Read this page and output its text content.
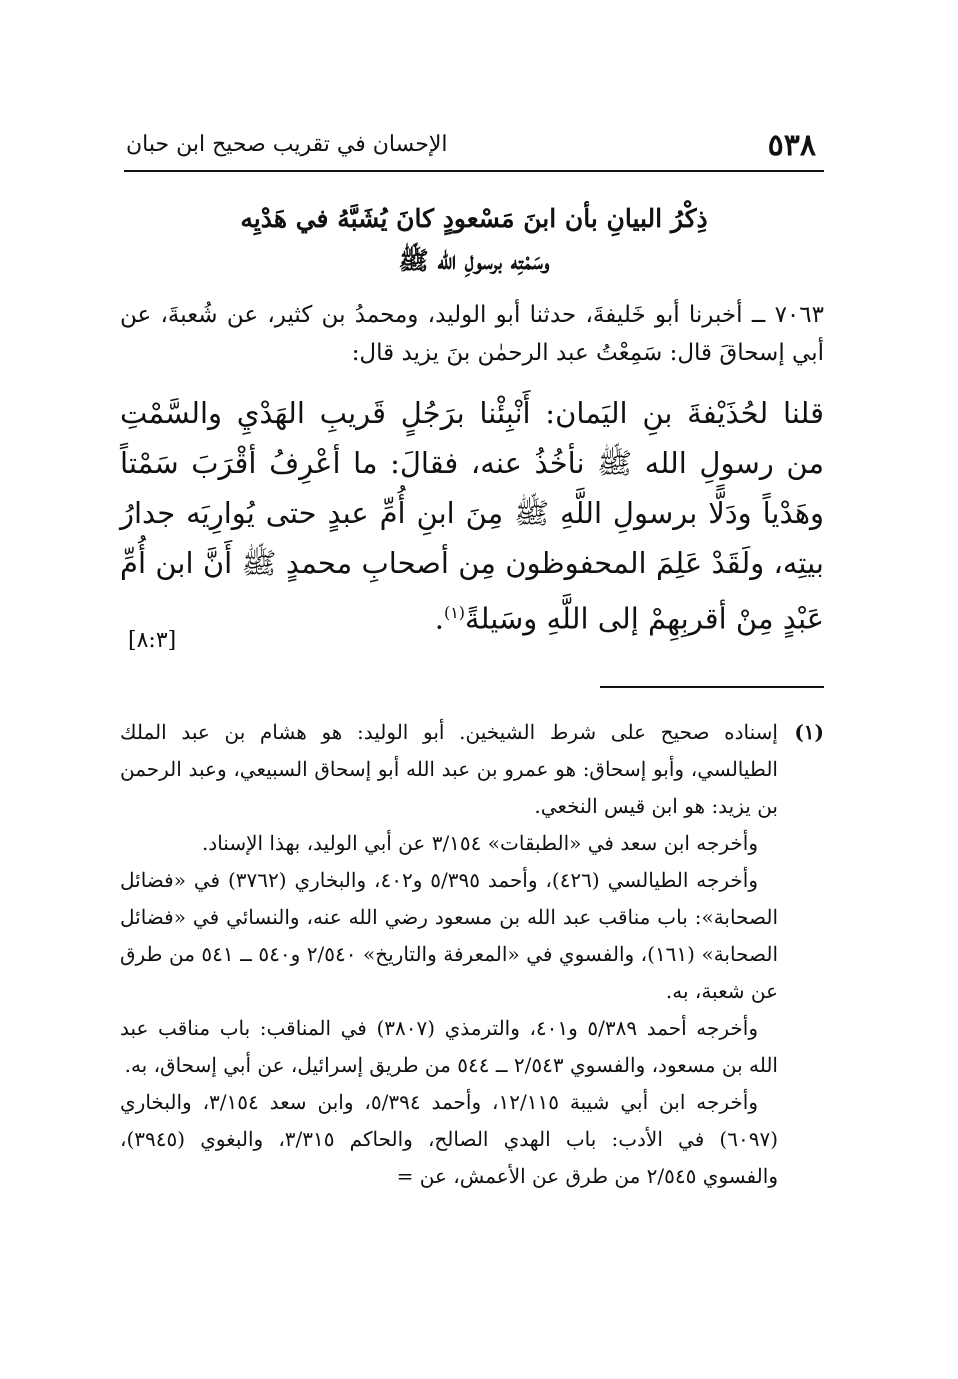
٥٣٨
الإحسان في تقريب صحيح ابن حبان
ذِكْرُ البيانِ بأن ابنَ مَسْعودٍ كانَ يُشَبَّهُ في هَدْيِه
وسَمْتِه برسولِ الله ﷺ

٧٠٦٣ ــ أخبرنا أبو خَليفةَ، حدثنا أبو الوليد، ومحمدُ بن كثير، عن شُعبةَ، عن أبي إسحاقَ قال: سَمِعْتُ عبد الرحمٰن بنَ يزيد قال:

قلنا لحُذَيْفةَ بنِ اليَمان: أَنْبِئْنا برَجُلٍ قَريبِ الهَدْيِ والسَّمْتِ من رسولِ الله ﷺ نأخُذُ عنه، فقالَ: ما أعْرِفُ أقْرَبَ سَمْتاً وهَدْياً ودَلًّا برسولِ اللَّهِ ﷺ مِنَ ابنِ أُمِّ عبدٍ حتى يُوارِيَه جدارُ بيتِه، ولَقَدْ عَلِمَ المحفوظون مِن أصحابِ محمدٍ ﷺ أَنَّ ابن أُمِّ عَبْدٍ مِنْ أقربِهِمْ إلى اللَّهِ وسَيلةً$^{(١)}$.

[٨:٣]
(١)

إسناده صحيح على شرط الشيخين. أبو الوليد: هو هشام بن عبد الملك الطيالسي، وأبو إسحاق: هو عمرو بن عبد الله أبو إسحاق السبيعي، وعبد الرحمن بن يزيد: هو ابن قيس النخعي.

وأخرجه ابن سعد في «الطبقات» ٣/١٥٤ عن أبي الوليد، بهذا الإسناد.

وأخرجه الطيالسي (٤٢٦)، وأحمد ٥/٣٩٥ و٤٠٢، والبخاري (٣٧٦٢) في «فضائل الصحابة»: باب مناقب عبد الله بن مسعود رضي الله عنه، والنسائي في «فضائل الصحابة» (١٦١)، والفسوي في «المعرفة والتاريخ» ٢/٥٤٠ و٥٤٠ ــ ٥٤١ من طرق عن شعبة، به.

وأخرجه أحمد ٥/٣٨٩ و٤٠١، والترمذي (٣٨٠٧) في المناقب: باب مناقب عبد الله بن مسعود، والفسوي ٢/٥٤٣ ــ ٥٤٤ من طريق إسرائيل، عن أبي إسحاق، به.

وأخرجه ابن أبي شيبة ١٢/١١٥، وأحمد ٥/٣٩٤، وابن سعد ٣/١٥٤، والبخاري (٦٠٩٧) في الأدب: باب الهدي الصالح، والحاكم ٣/٣١٥، والبغوي (٣٩٤٥)، والفسوي ٢/٥٤٥ من طرق عن الأعمش، عن =
